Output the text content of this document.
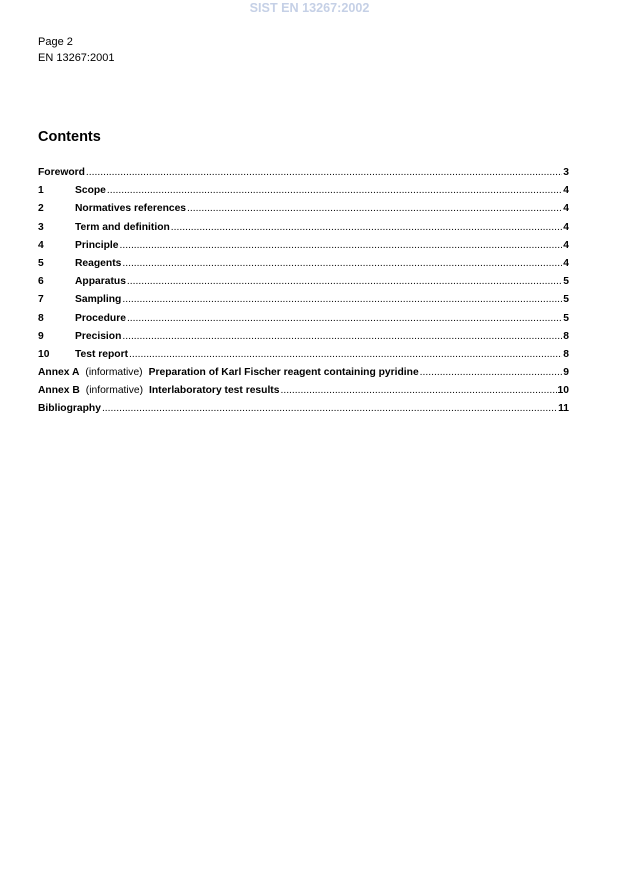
SIST EN 13267:2002
Page 2
EN 13267:2001
Contents
Foreword .....	3
1	Scope .....	4
2	Normatives references .....	4
3	Term and definition .....	4
4	Principle .....	4
5	Reagents .....	4
6	Apparatus .....	5
7	Sampling .....	5
8	Procedure .....	5
9	Precision .....	8
10	Test report .....	8
Annex A (informative) Preparation of Karl Fischer reagent containing pyridine .....	9
Annex B (informative) Interlaboratory test results .....	10
Bibliography .....	11
